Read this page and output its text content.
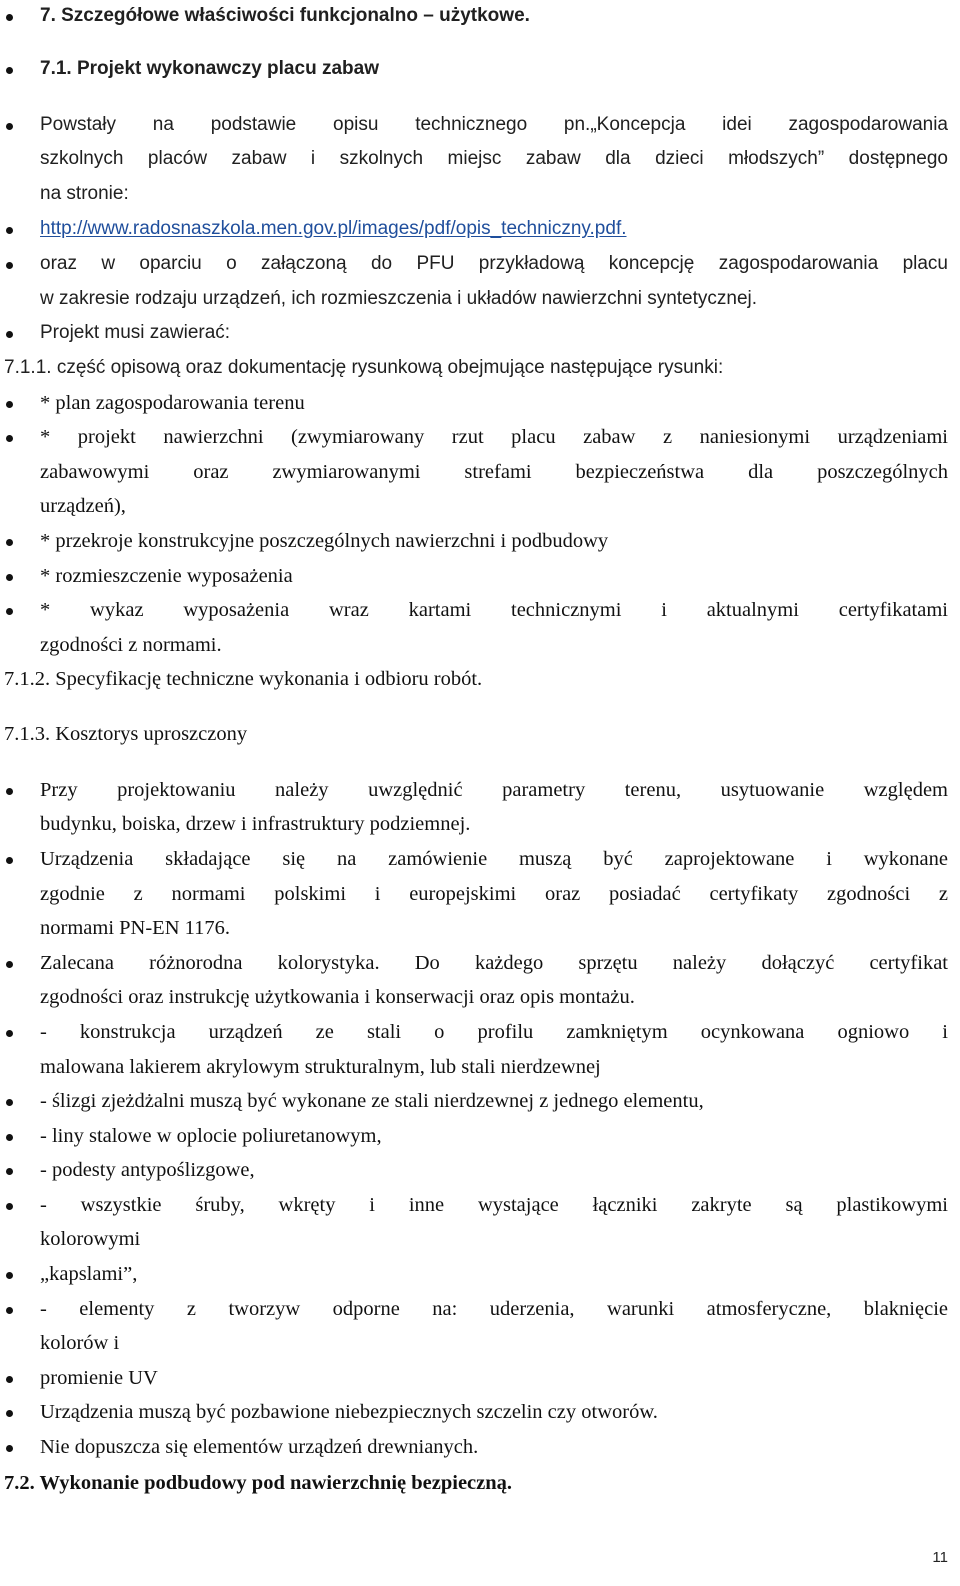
7. Szczegółowe właściwości funkcjonalno – użytkowe.
7.1. Projekt wykonawczy placu zabaw
Powstały na podstawie opisu technicznego pn.„Koncepcja idei zagospodarowania
szkolnych placów zabaw i szkolnych miejsc zabaw dla dzieci młodszych” dostępnego
na stronie:
http://www.radosnaszkola.men.gov.pl/images/pdf/opis_techniczny.pdf.
oraz w oparciu o załączoną do PFU przykładową koncepcję zagospodarowania placu
w zakresie rodzaju urządzeń, ich rozmieszczenia i układów nawierzchni syntetycznej.
Projekt musi zawierać:
7.1.1. część opisową oraz dokumentację rysunkową obejmujące następujące rysunki:
* plan zagospodarowania terenu
* projekt nawierzchni (zwymiarowany rzut placu zabaw z naniesionymi urządzeniami
zabawowymi oraz zwymiarowanymi strefami bezpieczeństwa dla poszczególnych
urządzeń),
* przekroje konstrukcyjne poszczególnych nawierzchni i podbudowy
* rozmieszczenie wyposażenia
* wykaz wyposażenia wraz kartami technicznymi i aktualnymi certyfikatami
zgodności z normami.
7.1.2. Specyfikację techniczne wykonania i odbioru robót.
7.1.3. Kosztorys uproszczony
Przy projektowaniu należy uwzględnić parametry terenu, usytuowanie względem
budynku, boiska, drzew i infrastruktury podziemnej.
Urządzenia składające się na zamówienie muszą być zaprojektowane i wykonane
zgodnie z normami polskimi i europejskimi oraz posiadać certyfikaty zgodności z
normami PN-EN 1176.
Zalecana różnorodna kolorystyka. Do każdego sprzętu należy dołączyć certyfikat
zgodności oraz instrukcję użytkowania i konserwacji oraz opis montażu.
- konstrukcja urządzeń ze stali o profilu zamkniętym ocynkowana ogniowo i
malowana lakierem akrylowym strukturalnym, lub stali nierdzewnej
- ślizgi zjeżdżalni muszą być wykonane ze stali nierdzewnej z jednego elementu,
- liny stalowe w oplocie poliuretanowym,
- podesty antypoślizgowe,
- wszystkie śruby, wkręty i inne wystające łączniki zakryte są plastikowymi
kolorowymi
„kapslami”,
- elementy z tworzyw odporne na: uderzenia, warunki atmosferyczne, blaknięcie
kolorów i
promienie UV
Urządzenia muszą być pozbawione niebezpiecznych szczelin czy otworów.
Nie dopuszcza się elementów urządzeń drewnianych.
7.2. Wykonanie podbudowy pod nawierzchnię bezpieczną.
11
